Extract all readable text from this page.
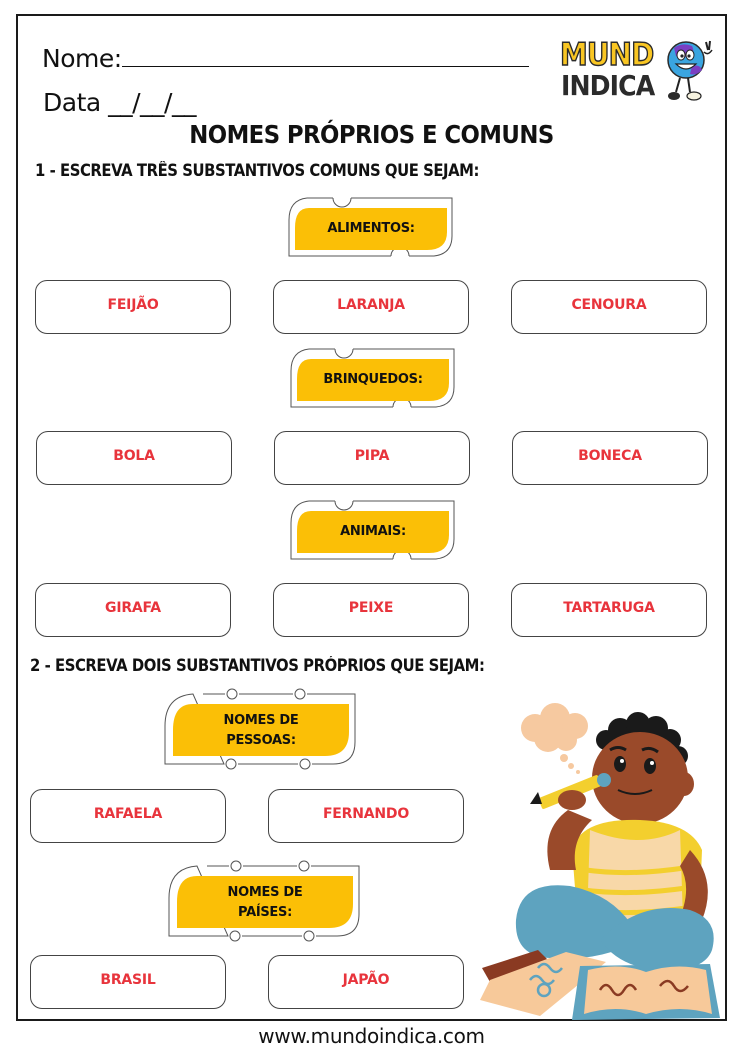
Nome:
Data __/__/__
MUND
INDICA
NOMES PRÓPRIOS E COMUNS
1 - ESCREVA TRÊS SUBSTANTIVOS COMUNS QUE SEJAM:
ALIMENTOS:
FEIJÃO	LARANJA	CENOURA
BRINQUEDOS:
BOLA	PIPA	BONECA
ANIMAIS:
GIRAFA	PEIXE	TARTARUGA
2 - ESCREVA DOIS SUBSTANTIVOS PRÓPRIOS QUE SEJAM:
NOMES DE
PESSOAS:
RAFAELA	FERNANDO
NOMES DE
PAÍSES:
BRASIL	JAPÃO
www.mundoindica.com
